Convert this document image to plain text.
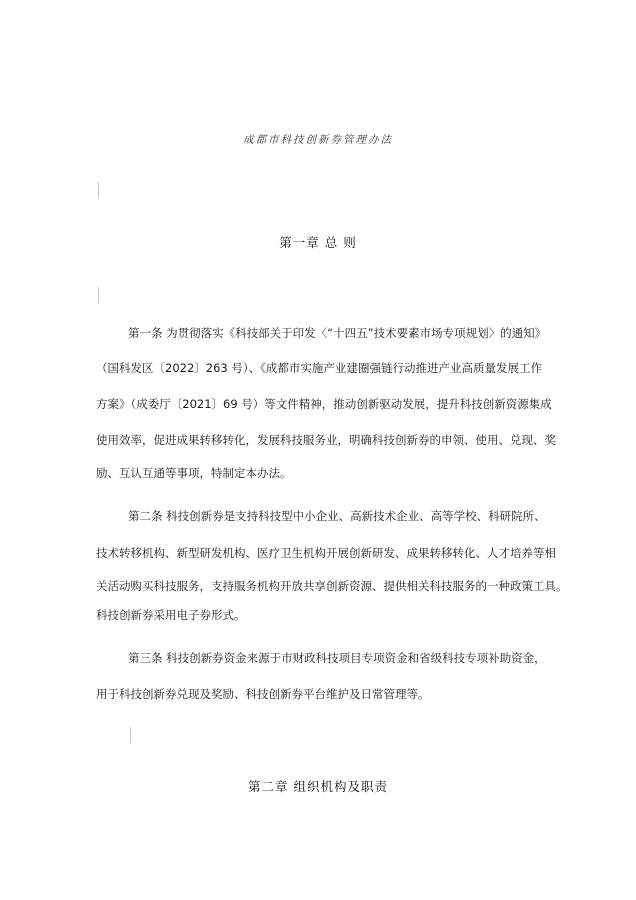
成都市科技创新券管理办法
第一章 总 则
第一条 为贯彻落实《科技部关于印发〈“十四五”技术要素市场专项规划〉的通知》
（国科发区〔2022〕263 号）、《成都市实施产业建圈强链行动推进产业高质量发展工作
方案》（成委厅〔2021〕69 号）等文件精神，推动创新驱动发展，提升科技创新资源集成
使用效率，促进成果转移转化，发展科技服务业，明确科技创新券的申领、使用、兑现、奖
励、互认互通等事项，特制定本办法。
第二条 科技创新券是支持科技型中小企业、高新技术企业、高等学校、科研院所、
技术转移机构、新型研发机构、医疗卫生机构开展创新研发、成果转移转化、人才培养等相
关活动购买科技服务，支持服务机构开放共享创新资源、提供相关科技服务的一种政策工具。
科技创新券采用电子券形式。
第三条 科技创新券资金来源于市财政科技项目专项资金和省级科技专项补助资金，
用于科技创新券兑现及奖励、科技创新券平台维护及日常管理等。
第二章 组织机构及职责
